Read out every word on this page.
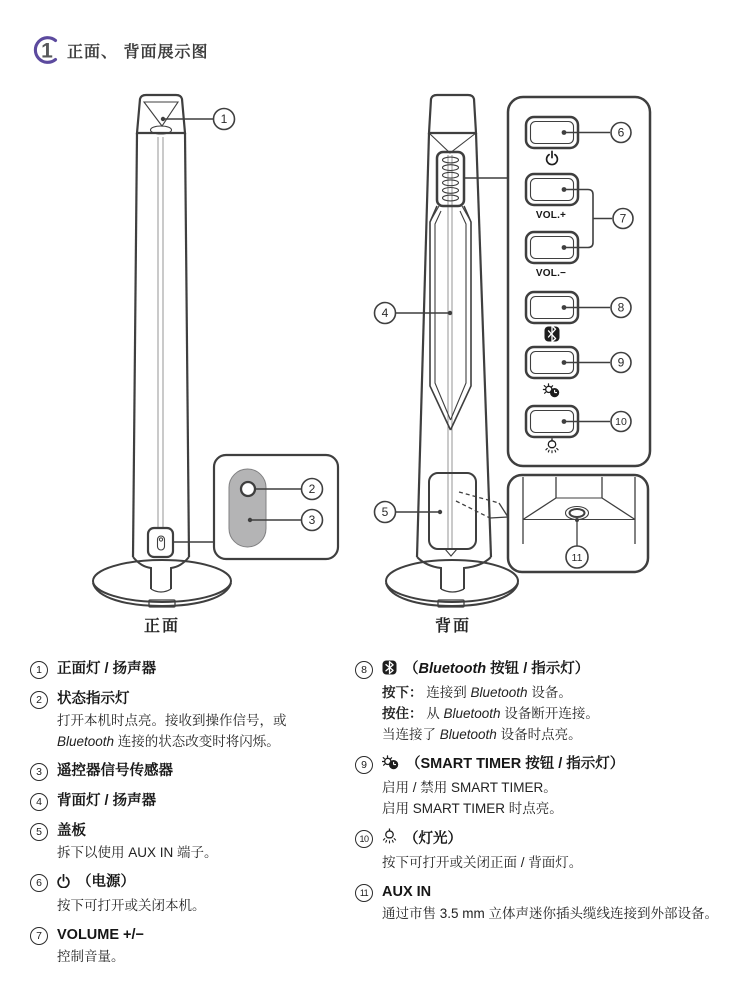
1 正面、 背面展示图
1
正面
2
3
4
5
背面
6
VOL.+
VOL.−
7
8
9
10
11
1	正面灯 / 扬声器
2	状态指示灯
打开本机时点亮。接收到操作信号，或
Bluetooth 连接的状态改变时将闪烁。
3	遥控器信号传感器
4	背面灯 / 扬声器
5	盖板
拆下以使用 AUX IN 端子。
6	（电源）
按下可打开或关闭本机。
7	VOLUME +/−
控制音量。
8	（Bluetooth 按钮 / 指示灯）
按下： 连接到 Bluetooth 设备。
按住： 从 Bluetooth 设备断开连接。
当连接了 Bluetooth 设备时点亮。
9	（SMART TIMER 按钮 / 指示灯）
启用 / 禁用 SMART TIMER。
启用 SMART TIMER 时点亮。
10	（灯光）
按下可打开或关闭正面 / 背面灯。
11 AUX IN
通过市售 3.5 mm 立体声迷你插头缆线连接到外部设备。
